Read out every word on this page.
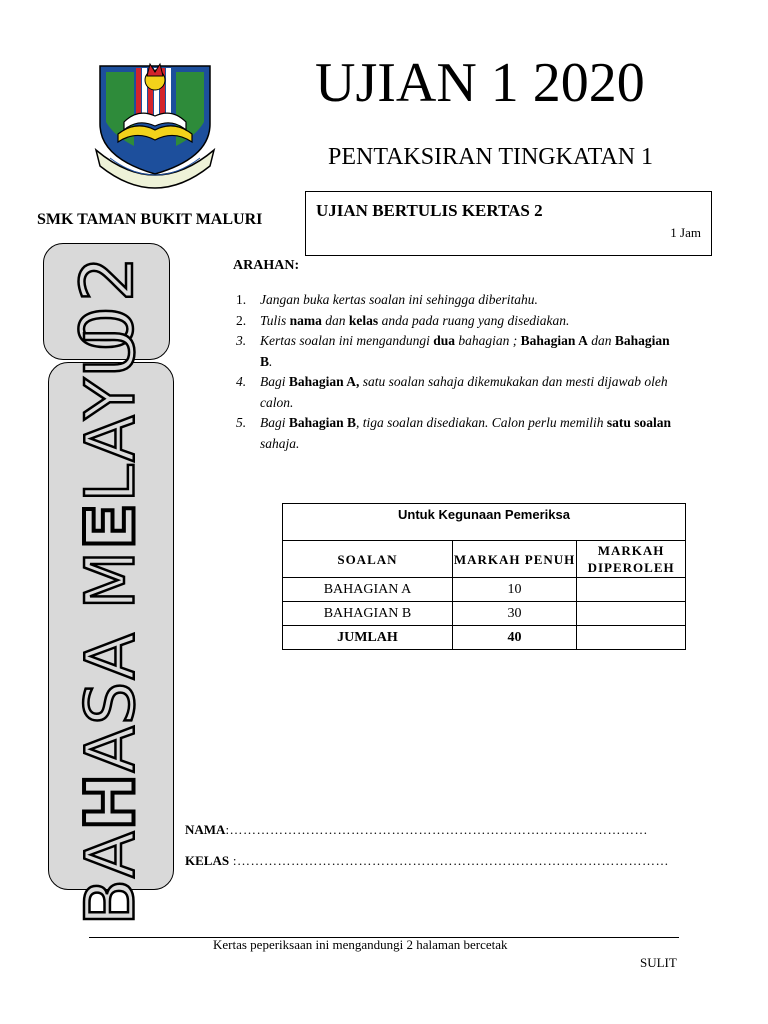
UJIAN 1 2020
PENTAKSIRAN TINGKATAN 1
SMK TAMAN BUKIT MALURI	UJIAN BERTULIS KERTAS 2
1 Jam
02
BAHASA MELAYU
ARAHAN:
1. Jangan buka kertas soalan ini sehingga diberitahu.
2. Tulis nama dan kelas anda pada ruang yang disediakan.
3. Kertas soalan ini mengandungi dua bahagian ; Bahagian A dan Bahagian B.
4. Bagi Bahagian A, satu soalan sahaja dikemukakan dan mesti dijawab oleh calon.
5. Bagi Bahagian B, tiga soalan disediakan. Calon perlu memilih satu soalan sahaja.
Untuk Kegunaan Pemeriksa		
SOALAN	MARKAH PENUH	MARKAH DIPEROLEH
BAHAGIAN A	10	
BAHAGIAN B	30	
JUMLAH	40	
NAMA:…………………………………………………………………………………
KELAS :……………………………………………………………………………………
Kertas peperiksaan ini mengandungi 2 halaman bercetak
SULIT
